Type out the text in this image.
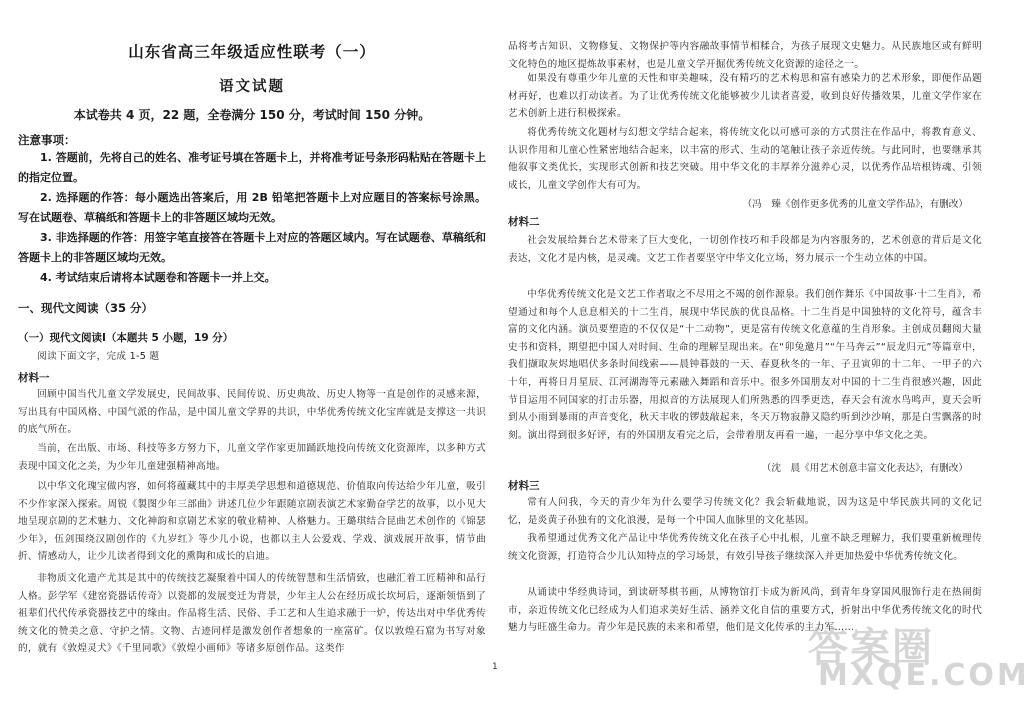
山东省高三年级适应性联考（一）

语文试题

本试卷共 4 页，22 题，全卷满分 150 分，考试时间 150 分钟。

注意事项：

1. 答题前，先将自己的姓名、准考证号填在答题卡上，并将准考证号条形码粘贴在答题卡上的指定位置。

2. 选择题的作答：每小题选出答案后，用 2B 铅笔把答题卡上对应题目的答案标号涂黑。写在试题卷、草稿纸和答题卡上的非答题区域均无效。

3. 非选择题的作答：用签字笔直接答在答题卡上对应的答题区域内。写在试题卷、草稿纸和答题卡上的非答题区域均无效。

4. 考试结束后请将本试题卷和答题卡一并上交。

一、现代文阅读（35 分）

（一）现代文阅读Ⅰ（本题共 5 小题，19 分）

阅读下面文字，完成 1-5 题

材料一

回顾中国当代儿童文学发展史，民间故事、民间传说、历史典故、历史人物等一直是创作的灵感来源，写出具有中国风格、中国气派的作品，是中国儿童文学界的共识，中华优秀传统文化宝库就是支撑这一共识的底气所在。

当前，在出版、市场、科技等多方努力下，儿童文学作家更加踊跃地投向传统文化资源库，以多种方式表现中国文化之美，为少年儿童建强精神高地。

以中华文化瑰宝做内容，如何将蕴藏其中的丰厚美学思想和道德规范、价值取向传达给少年儿童，吸引不少作家深入探索。周锐《製图少年三部曲》讲述几位少年跟随京剧表演艺术家勤奋学艺的故事，以小见大地呈现京剧的艺术魅力、文化神韵和京剧艺术家的敬业精神、人格魅力。王璐琪结合昆曲艺术创作的《锦瑟少年》，伍剑围绕汉剧创作的《九岁红》等少儿小说，也都以主人公爱戏、学戏、演戏展开故事，情节曲折、情感动人，让少儿读者得到文化的熏陶和成长的启迪。

非物质文化遗产尤其是其中的传统技艺凝聚着中国人的传统智慧和生活情致，也融汇着工匠精神和品行人格。彭学军《建窑瓷器话传奇》以瓷都的发展变迁为背景，少年主人公在经历成长坎坷后，逐渐领悟到了祖辈们代代传承瓷器技艺中的缘由。作品将生活、民俗、手工艺和人生追求融于一炉，传达出对中华优秀传统文化的赞美之意、守护之情。文物、古迹同样是激发创作者想象的一座富矿。仅以敦煌石窟为书写对象的，就有《敦煌灵犬》《千里同歌》《敦煌小画师》等诸多原创作品。这类作

品将考古知识、文物修复、文物保护等内容融故事情节相糅合，为孩子展现文史魅力。从民族地区或有鲜明文化特色的地区提炼故事素材，也是儿童文学开掘优秀传统文化资源的途径之一。

如果没有尊重少年儿童的天性和审美趣味，没有精巧的艺术构思和富有感染力的艺术形象，即便作品题材再好，也难以打动读者。为了让优秀传统文化能够被少儿读者喜爱，收到良好传播效果，儿童文学作家在艺术创新上进行积极探索。

将优秀传统文化题材与幻想文学结合起来，将传统文化以可感可亲的方式贯注在作品中，将教育意义、认识作用和儿童心性紧密地结合起来，以丰富的形式、生动的笔触让孩子亲近传统。与此同时，也要继承其他叙事文类优长，实现形式创新和技艺突破。用中华文化的丰厚养分滋养心灵，以优秀作品培根铸魂、引领成长，儿童文学创作大有可为。

（冯　臻《创作更多优秀的儿童文学作品》，有删改）

材料二

社会发展给舞台艺术带来了巨大变化，一切创作技巧和手段都是为内容服务的，艺术创意的背后是文化表达，文化才是内核，是灵魂。文艺工作者要坚守中华文化立场，努力展示一个生动立体的中国。

中华优秀传统文化是文艺工作者取之不尽用之不竭的创作源泉。我们创作舞乐《中国故事·十二生肖》，希望通过和每个人息息相关的十二生肖，展现中华民族的优良品格。十二生肖是中国独特的文化符号，蕴含丰富的文化内涵。演员要塑造的不仅仅是“十二动物”，更是富有传统文化意蕴的生肖形象。主创成员翻阅大量史书和资料，期望把中国人对时间、生命的理解呈现出来。在“卯兔邀月”“午马奔云”“辰龙归元”等篇章中，我们撷取灰烬地唱伏多条时间线索——晨钟暮鼓的一天、春夏秋冬的一年、子丑寅卯的十二年、一甲子的六十年，再将日月星辰、江河湖海等元素融入舞蹈和音乐中。很多外国朋友对中国的十二生肖很感兴趣，因此节目运用不同国家的打击乐器，用拟音的方法展现人们所熟悉的四季更迭，春天会有流水鸟鸣声，夏天会听到从小雨到暴雨的声音变化，秋天丰收的锣鼓敲起来，冬天万物寂静又隐约听到沙沙响，那是白雪飘落的时刻。演出得到很多好评，有的外国朋友看完之后，会带着朋友再看一遍，一起分享中华文化之美。

（沈　晨《用艺术创意丰富文化表达》，有删改）

材料三

常有人问我，今天的青少年为什么要学习传统文化？我会斩截地说，因为这是中华民族共同的文化记忆，是炎黄子孙独有的文化浪漫，是每一个中国人血脉里的文化基因。

我希望通过优秀文化产品让中华优秀传统文化在孩子心中扎根，儿童不缺乏理解力，我们要重新梳理传统文化资源，打造符合少儿认知特点的学习场景，有效引导孩子继续深入并更加热爱中华优秀传统文化。

从诵读中华经典诗词，到读研琴棋书画，从博物馆打卡成为新风尚，到青年身穿国风服饰行走在热闹街市，亲近传统文化已经成为人们追求美好生活、涵养文化自信的重要方式，折射出中华优秀传统文化的时代魅力与旺盛生命力。青少年是民族的未来和希望，他们是文化传承的主力军……

1	答案圈
MXQE.COM
